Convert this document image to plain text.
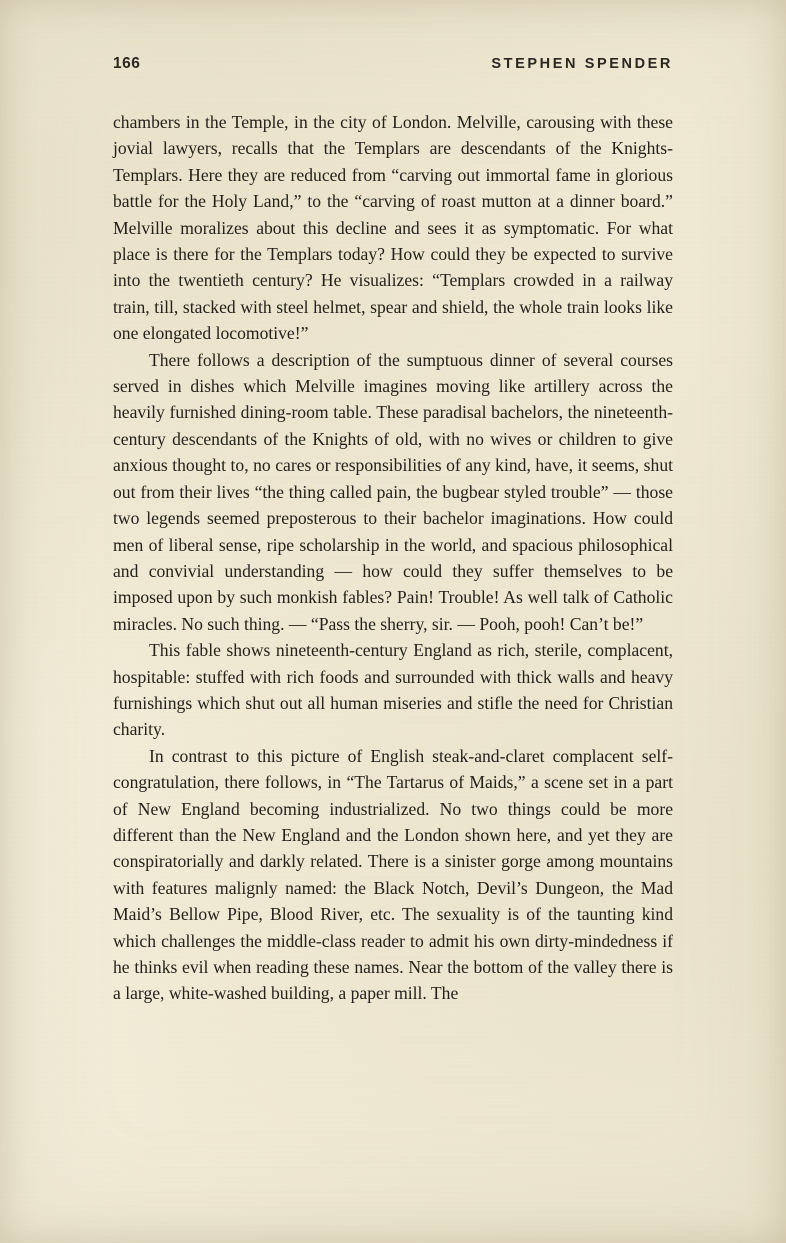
166	STEPHEN SPENDER

chambers in the Temple, in the city of London. Melville, carousing with these jovial lawyers, recalls that the Templars are descendants of the Knights-Templars. Here they are reduced from “carving out immortal fame in glorious battle for the Holy Land,” to the “carving of roast mutton at a dinner board.” Melville moralizes about this decline and sees it as symptomatic. For what place is there for the Templars today? How could they be expected to survive into the twentieth century? He visualizes: “Templars crowded in a railway train, till, stacked with steel helmet, spear and shield, the whole train looks like one elongated locomotive!”

There follows a description of the sumptuous dinner of several courses served in dishes which Melville imagines moving like artillery across the heavily furnished dining-room table. These paradisal bachelors, the nineteenth-century descendants of the Knights of old, with no wives or children to give anxious thought to, no cares or responsibilities of any kind, have, it seems, shut out from their lives “the thing called pain, the bugbear styled trouble” — those two legends seemed preposterous to their bachelor imaginations. How could men of liberal sense, ripe scholarship in the world, and spacious philosophical and convivial understanding — how could they suffer themselves to be imposed upon by such monkish fables? Pain! Trouble! As well talk of Catholic miracles. No such thing. — “Pass the sherry, sir. — Pooh, pooh! Can’t be!”

This fable shows nineteenth-century England as rich, sterile, complacent, hospitable: stuffed with rich foods and surrounded with thick walls and heavy furnishings which shut out all human miseries and stifle the need for Christian charity.

In contrast to this picture of English steak-and-claret complacent self-congratulation, there follows, in “The Tartarus of Maids,” a scene set in a part of New England becoming industrialized. No two things could be more different than the New England and the London shown here, and yet they are conspiratorially and darkly related. There is a sinister gorge among mountains with features malignly named: the Black Notch, Devil’s Dungeon, the Mad Maid’s Bellow Pipe, Blood River, etc. The sexuality is of the taunting kind which challenges the middle-class reader to admit his own dirty-mindedness if he thinks evil when reading these names. Near the bottom of the valley there is a large, white-washed building, a paper mill. The
